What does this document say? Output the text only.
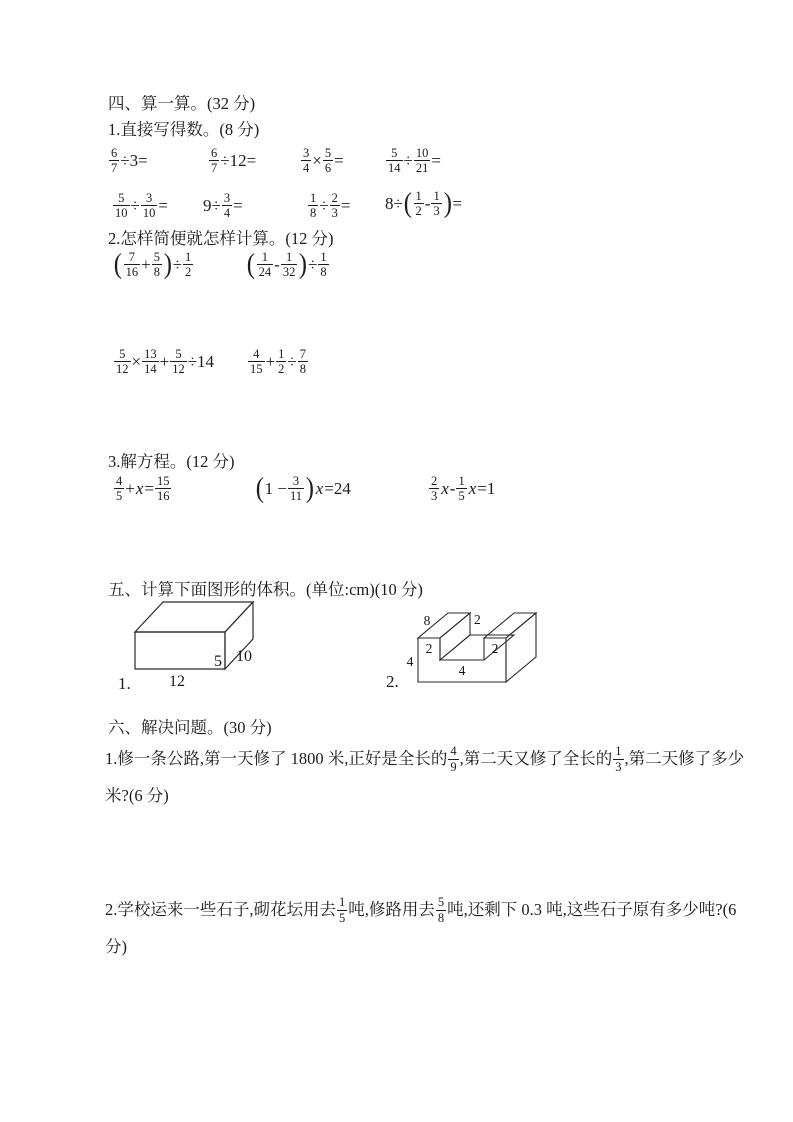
四、算一算。(32 分)
1.直接写得数。(8 分)
$\frac{6}{7} \div 3=$	$\frac{6}{7} \div 12=$	$\frac{3}{4} \times \frac{5}{6}$ =	$\frac{5}{14} \div \frac{10}{21}$ =
$\frac{5}{10} \div \frac{3}{10} = 9\div \frac{3}{4}$ =	$\frac{1}{8} \div \frac{2}{3} = 8\div$ ( $\frac{1}{2} - \frac{1}{3}$ ) =
2.怎样简便就怎样计算。(12 分)
( $\frac{7}{16} + \frac{5}{8}$ ) ÷ $\frac{1}{2}$ ( $\frac{1}{24} - \frac{1}{32}$ ) ÷ $\frac{1}{8}$
$\frac{5}{12} \times \frac{13}{14} + \frac{5}{12} \div 14$	$\frac{4}{15} + \frac{1}{2} \div \frac{7}{8}$
3.解方程。(12 分)
$\frac{4}{5} + x = \frac{15}{16}$	( $1 - \frac{3}{11}$ ) x =24	$\frac{2}{3}$ x - $\frac{1}{5}$ x =1
五、计算下面图形的体积。(单位:cm)(10 分)
5
12
10
1.
8	2
2	2
4
4
2.
六、解决问题。(30 分)
1.修一条公路,第一天修了 1800 米,正好是全长的 $\frac{4}{9}$ ,第二天又修了全长的 $\frac{1}{3}$ ,第二天修了多少
米?(6 分)
2.学校运来一些石子,砌花坛用去 $\frac{1}{5}$ 吨,修路用去 $\frac{5}{8}$ 吨,还剩下 0.3 吨,这些石子原有多少吨?(6
分)
